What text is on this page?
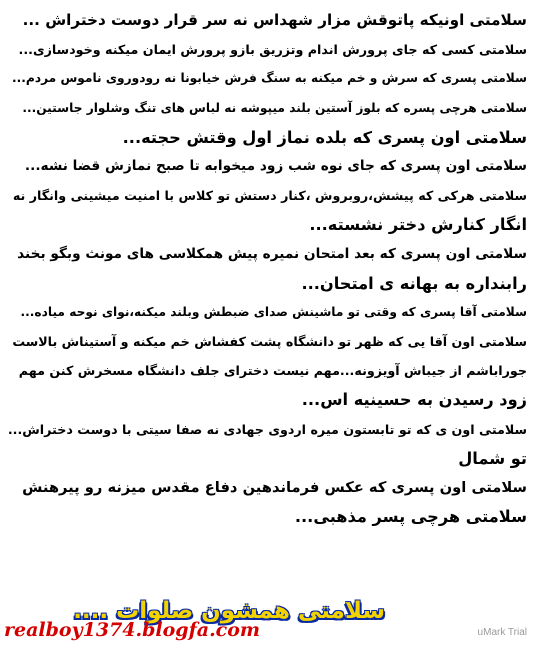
سلامتی اونیکه پاتوقش مزار شهداس نه سر قرار دوست دختراش ...
سلامتی کسی که جای پرورش اندام وتزریق بازو پرورش ایمان میکنه وخودسازی...
سلامتی پسری که سرش و خم میکنه به سنگ فرش خیابونا نه رودوروی ناموس مردم...
سلامتی هرچی پسره که بلوز آستین بلند میپوشه نه لباس های تنگ وشلوار جاستین...
سلامتی اون پسری که بلده نماز اول وقتش حجته...
سلامتی اون پسری که جای نوه شب زود میخوابه تا صبح نمازش قضا نشه...
سلامتی هرکی که پیشش،روبروش ،کنار دستش تو کلاس با امنیت میشینی وانگار نه
انگار کنارش دختر نشسته...
سلامتی اون پسری که بعد امتحان نمیره پیش همکلاسی های مونث وبگو بخند
رابنداره به بهانه ی امتحان...
سلامتی آقا پسری که وقتی تو ماشینش صدای ضبطش وبلند میکنه،نوای نوحه میاده...
سلامتی اون آقا یی که ظهر تو دانشگاه پشت کفشاش خم میکنه و آستیناش بالاست
جوراباشم از جیباش آویزونه...مهم نیست دخترای جلف دانشگاه مسخرش کنن مهم
زود رسیدن به حسینیه اس...
سلامتی اون ی که تو تابستون میره اردوی جهادی نه صفا سیتی با دوست دختراش...
تو شمال
سلامتی اون پسری که عکس فرماندهین دفاع مقدس میزنه رو پیرهنش
سلامتی هرچی پسر مذهبی...
سلامتی همشون صلوات ....
realboy1374.blogfa.com	uMark Trial
